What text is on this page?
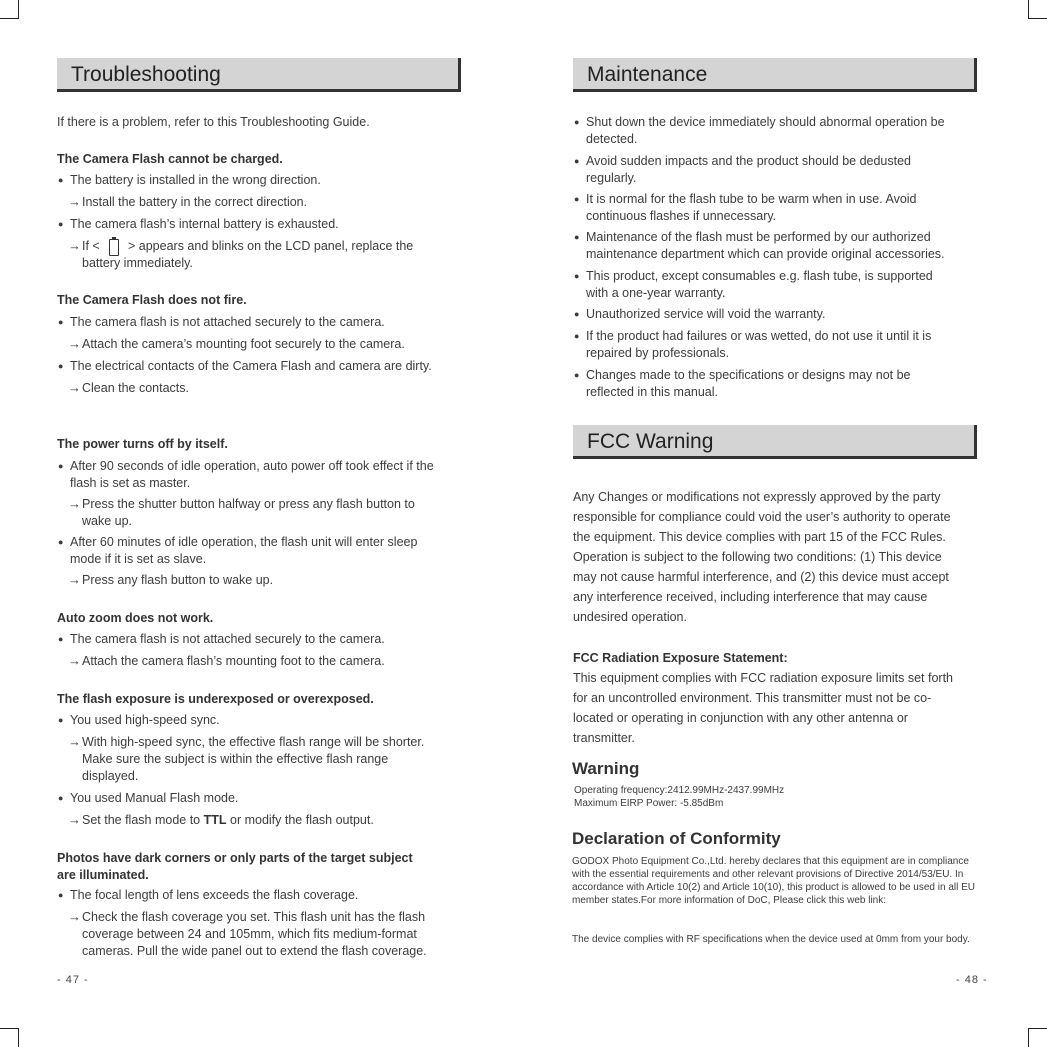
Troubleshooting
If there is a problem, refer to this Troubleshooting Guide.
The Camera Flash cannot be charged.
● The battery is installed in the wrong direction.
→ Install the battery in the correct direction.
● The camera flash’s internal battery is exhausted.
→ If < > appears and blinks on the LCD panel, replace the
battery immediately.
The Camera Flash does not fire.
● The camera flash is not attached securely to the camera.
→ Attach the camera’s mounting foot securely to the camera.
● The electrical contacts of the Camera Flash and camera are dirty.
→ Clean the contacts.
The power turns off by itself.
● After 90 seconds of idle operation, auto power off took effect if the
flash is set as master.
→ Press the shutter button halfway or press any flash button to
wake up.
● After 60 minutes of idle operation, the flash unit will enter sleep
mode if it is set as slave.
→ Press any flash button to wake up.
Auto zoom does not work.
● The camera flash is not attached securely to the camera.
→ Attach the camera flash’s mounting foot to the camera.
The flash exposure is underexposed or overexposed.
● You used high-speed sync.
→ With high-speed sync, the effective flash range will be shorter.
Make sure the subject is within the effective flash range
displayed.
● You used Manual Flash mode.
→ Set the flash mode to TTL or modify the flash output.
Photos have dark corners or only parts of the target subject
are illuminated.
● The focal length of lens exceeds the flash coverage.
→ Check the flash coverage you set. This flash unit has the flash
coverage between 24 and 105mm, which fits medium-format
cameras. Pull the wide panel out to extend the flash coverage.
- 47 -
Maintenance
● Shut down the device immediately should abnormal operation be
detected.
● Avoid sudden impacts and the product should be dedusted
regularly.
● It is normal for the flash tube to be warm when in use. Avoid
continuous flashes if unnecessary.
● Maintenance of the flash must be performed by our authorized
maintenance department which can provide original accessories.
● This product, except consumables e.g. flash tube, is supported
with a one-year warranty.
● Unauthorized service will void the warranty.
● If the product had failures or was wetted, do not use it until it is
repaired by professionals.
● Changes made to the specifications or designs may not be
reflected in this manual.
FCC Warning
Any Changes or modifications not expressly approved by the party
responsible for compliance could void the user’s authority to operate
the equipment. This device complies with part 15 of the FCC Rules.
Operation is subject to the following two conditions: (1) This device
may not cause harmful interference, and (2) this device must accept
any interference received, including interference that may cause
undesired operation.
FCC Radiation Exposure Statement:
This equipment complies with FCC radiation exposure limits set forth
for an uncontrolled environment. This transmitter must not be co-
located or operating in conjunction with any other antenna or
transmitter.
Warning
Operating frequency:2412.99MHz-2437.99MHz
Maximum EIRP Power: -5.85dBm
Declaration of Conformity
GODOX Photo Equipment Co.,Ltd. hereby declares that this equipment are in compliance
with the essential requirements and other relevant provisions of Directive 2014/53/EU. In
accordance with Article 10(2) and Article 10(10), this product is allowed to be used in all EU
member states.For more information of DoC, Please click this web link:
The device complies with RF specifications when the device used at 0mm from your body.
- 48 -
